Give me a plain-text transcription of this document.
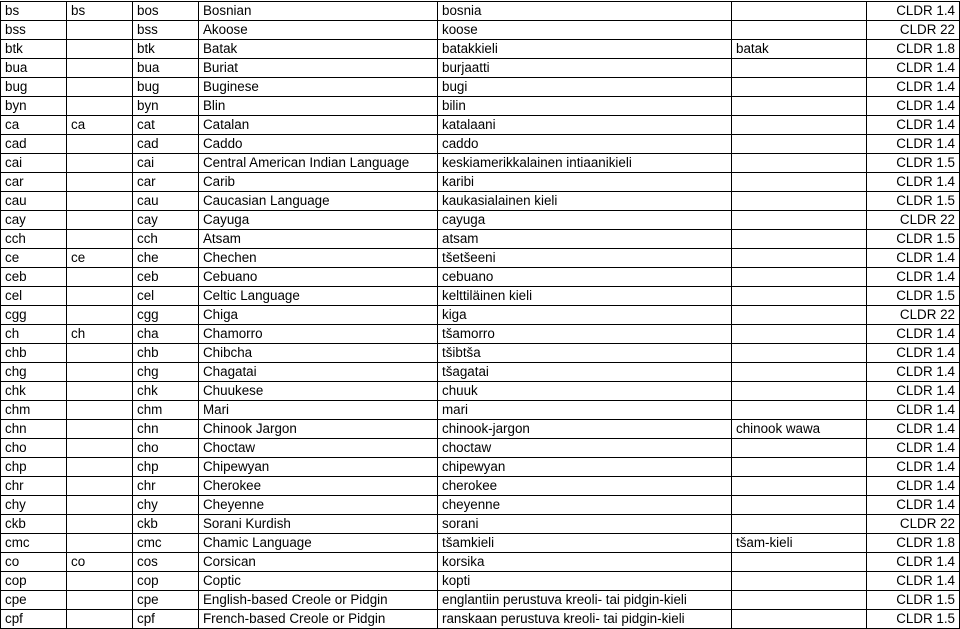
bs	bs	bos	Bosnian	bosnia		CLDR 1.4
bss		bss	Akoose	koose		CLDR 22
btk		btk	Batak	batakkieli	batak	CLDR 1.8
bua		bua	Buriat	burjaatti		CLDR 1.4
bug		bug	Buginese	bugi		CLDR 1.4
byn		byn	Blin	bilin		CLDR 1.4
ca	ca	cat	Catalan	katalaani		CLDR 1.4
cad		cad	Caddo	caddo		CLDR 1.4
cai		cai	Central American Indian Language	keskiamerikkalainen intiaanikieli		CLDR 1.5
car		car	Carib	karibi		CLDR 1.4
cau		cau	Caucasian Language	kaukasialainen kieli		CLDR 1.5
cay		cay	Cayuga	cayuga		CLDR 22
cch		cch	Atsam	atsam		CLDR 1.5
ce	ce	che	Chechen	tšetšeeni		CLDR 1.4
ceb		ceb	Cebuano	cebuano		CLDR 1.4
cel		cel	Celtic Language	kelttiläinen kieli		CLDR 1.5
cgg		cgg	Chiga	kiga		CLDR 22
ch	ch	cha	Chamorro	tšamorro		CLDR 1.4
chb		chb	Chibcha	tšibtša		CLDR 1.4
chg		chg	Chagatai	tšagatai		CLDR 1.4
chk		chk	Chuukese	chuuk		CLDR 1.4
chm		chm	Mari	mari		CLDR 1.4
chn		chn	Chinook Jargon	chinook-jargon	chinook wawa	CLDR 1.4
cho		cho	Choctaw	choctaw		CLDR 1.4
chp		chp	Chipewyan	chipewyan		CLDR 1.4
chr		chr	Cherokee	cherokee		CLDR 1.4
chy		chy	Cheyenne	cheyenne		CLDR 1.4
ckb		ckb	Sorani Kurdish	sorani		CLDR 22
cmc		cmc	Chamic Language	tšamkieli	tšam-kieli	CLDR 1.8
co	co	cos	Corsican	korsika		CLDR 1.4
cop		cop	Coptic	kopti		CLDR 1.4
cpe		cpe	English-based Creole or Pidgin	englantiin perustuva kreoli- tai pidgin-kieli		CLDR 1.5
cpf		cpf	French-based Creole or Pidgin	ranskaan perustuva kreoli- tai pidgin-kieli		CLDR 1.5
